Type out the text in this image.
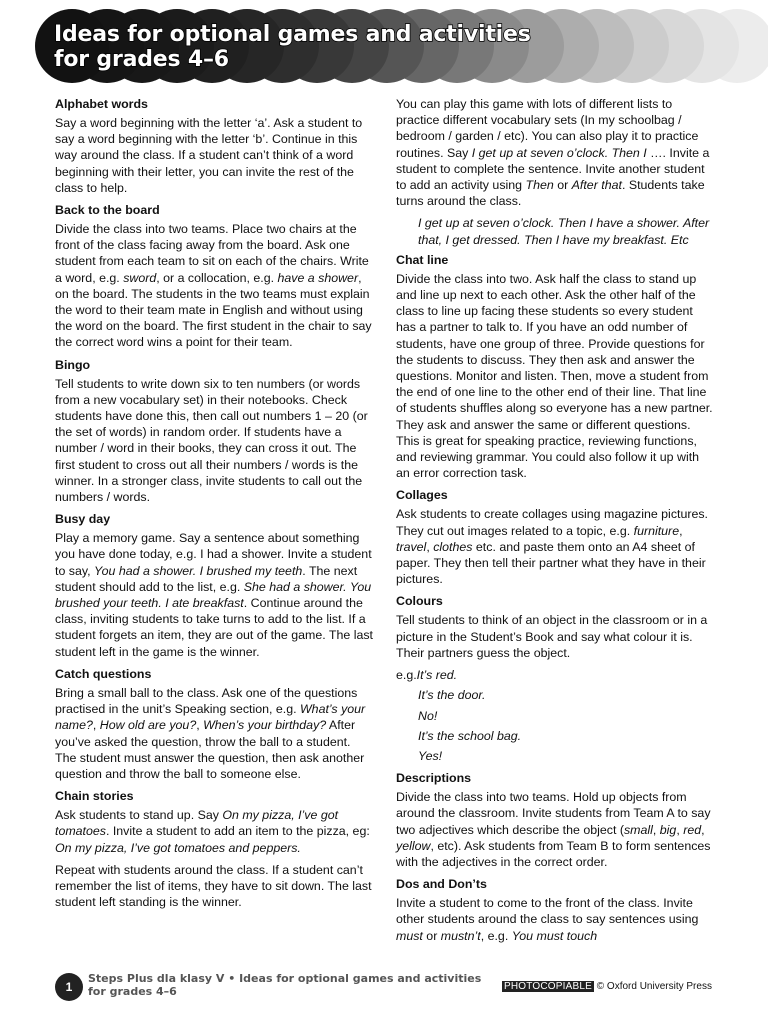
Ideas for optional games and activities
for grades 4–6
Alphabet words

Say a word beginning with the letter ‘a’. Ask a student to say a word beginning with the letter ‘b’. Continue in this way around the class. If a student can’t think of a word beginning with their letter, you can invite the rest of the class to help.

Back to the board

Divide the class into two teams. Place two chairs at the front of the class facing away from the board. Ask one student from each team to sit on each of the chairs. Write a word, e.g. sword, or a collocation, e.g. have a shower, on the board. The students in the two teams must explain the word to their team mate in English and without using the word on the board. The first student in the chair to say the correct word wins a point for their team.

Bingo

Tell students to write down six to ten numbers (or words from a new vocabulary set) in their notebooks. Check students have done this, then call out numbers 1 – 20 (or the set of words) in random order. If students have a number / word in their books, they can cross it out. The first student to cross out all their numbers / words is the winner. In a stronger class, invite students to call out the numbers / words.

Busy day

Play a memory game. Say a sentence about something you have done today, e.g. I had a shower. Invite a student to say, You had a shower. I brushed my teeth. The next student should add to the list, e.g. She had a shower. You brushed your teeth. I ate breakfast. Continue around the class, inviting students to take turns to add to the list. If a student forgets an item, they are out of the game. The last student left in the game is the winner.

Catch questions

Bring a small ball to the class. Ask one of the questions practised in the unit’s Speaking section, e.g. What’s your name?, How old are you?, When’s your birthday? After you’ve asked the question, throw the ball to a student. The student must answer the question, then ask another question and throw the ball to someone else.

Chain stories

Ask students to stand up. Say On my pizza, I’ve got tomatoes. Invite a student to add an item to the pizza, eg: On my pizza, I’ve got tomatoes and peppers.

Repeat with students around the class. If a student can’t remember the list of items, they have to sit down. The last student left standing is the winner.

You can play this game with lots of different lists to practice different vocabulary sets (In my schoolbag / bedroom / garden / etc). You can also play it to practice routines. Say I get up at seven o’clock. Then I …. Invite a student to complete the sentence. Invite another student to add an activity using Then or After that. Students take turns around the class.

I get up at seven o’clock. Then I have a shower. After that, I get dressed. Then I have my breakfast. Etc

Chat line

Divide the class into two. Ask half the class to stand up and line up next to each other. Ask the other half of the class to line up facing these students so every student has a partner to talk to. If you have an odd number of students, have one group of three. Provide questions for the students to discuss. They then ask and answer the questions. Monitor and listen. Then, move a student from the end of one line to the other end of their line. That line of students shuffles along so everyone has a new partner. They ask and answer the same or different questions. This is great for speaking practice, reviewing functions, and reviewing grammar. You could also follow it up with an error correction task.

Collages

Ask students to create collages using magazine pictures. They cut out images related to a topic, e.g. furniture, travel, clothes etc. and paste them onto an A4 sheet of paper. They then tell their partner what they have in their pictures.

Colours

Tell students to think of an object in the classroom or in a picture in the Student’s Book and say what colour it is. Their partners guess the object.

e.g.It’s red.
It’s the door.
No!
It’s the school bag.
Yes!
Descriptions

Divide the class into two teams. Hold up objects from around the classroom. Invite students from Team A to say two adjectives which describe the object (small, big, red, yellow, etc). Ask students from Team B to form sentences with the adjectives in the correct order.

Dos and Don’ts

Invite a student to come to the front of the class. Invite other students around the class to say sentences using must or mustn’t, e.g. You must touch

1
Steps Plus dla klasy V • Ideas for optional games and activities
for grades 4–6	PHOTOCOPIABLE © Oxford University Press
